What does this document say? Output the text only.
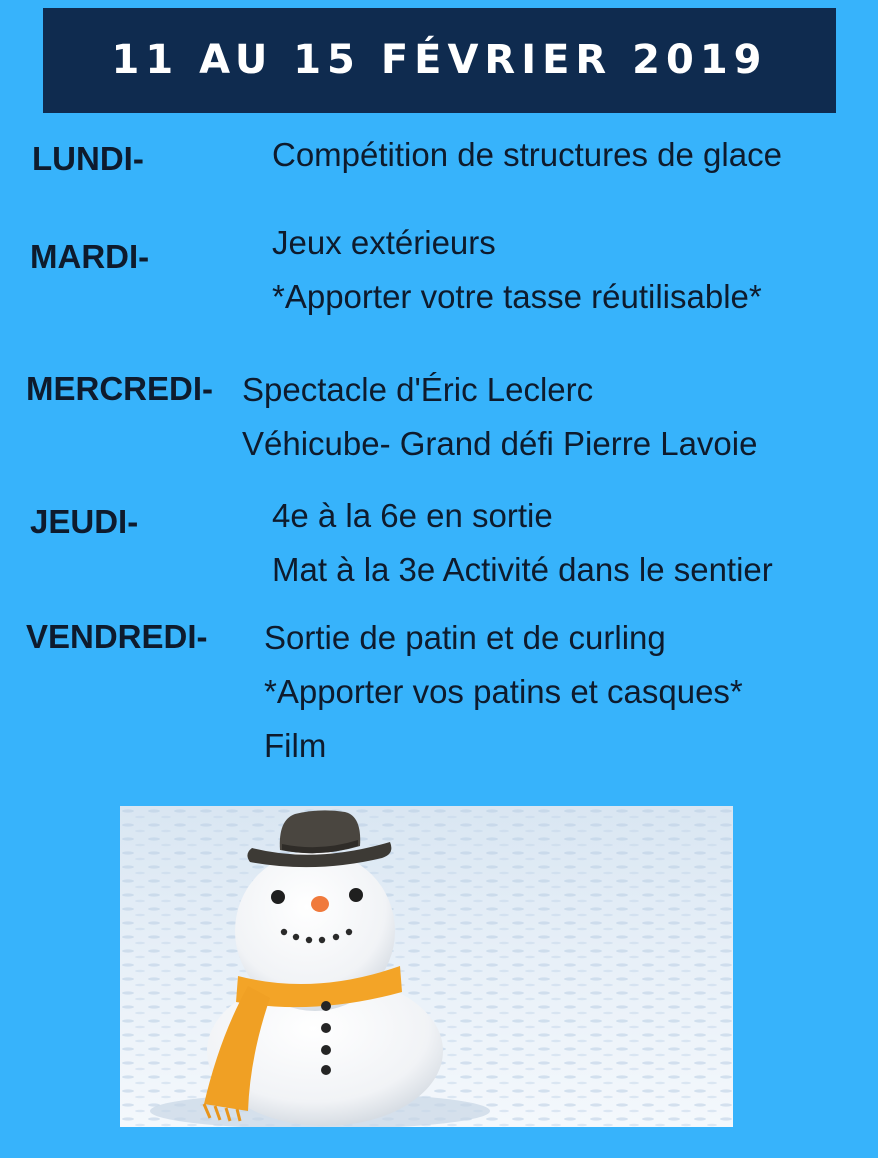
11 AU 15 FÉVRIER 2019
LUNDI-	Compétition de structures de glace
MARDI-	Jeux extérieurs
*Apporter votre tasse réutilisable*
MERCREDI- Spectacle d'Éric Leclerc
Véhicube- Grand défi Pierre Lavoie
JEUDI-	4e à la 6e en sortie
Mat à la 3e Activité dans le sentier
VENDREDI- Sortie de patin et de curling
*Apporter vos patins et casques*
Film
